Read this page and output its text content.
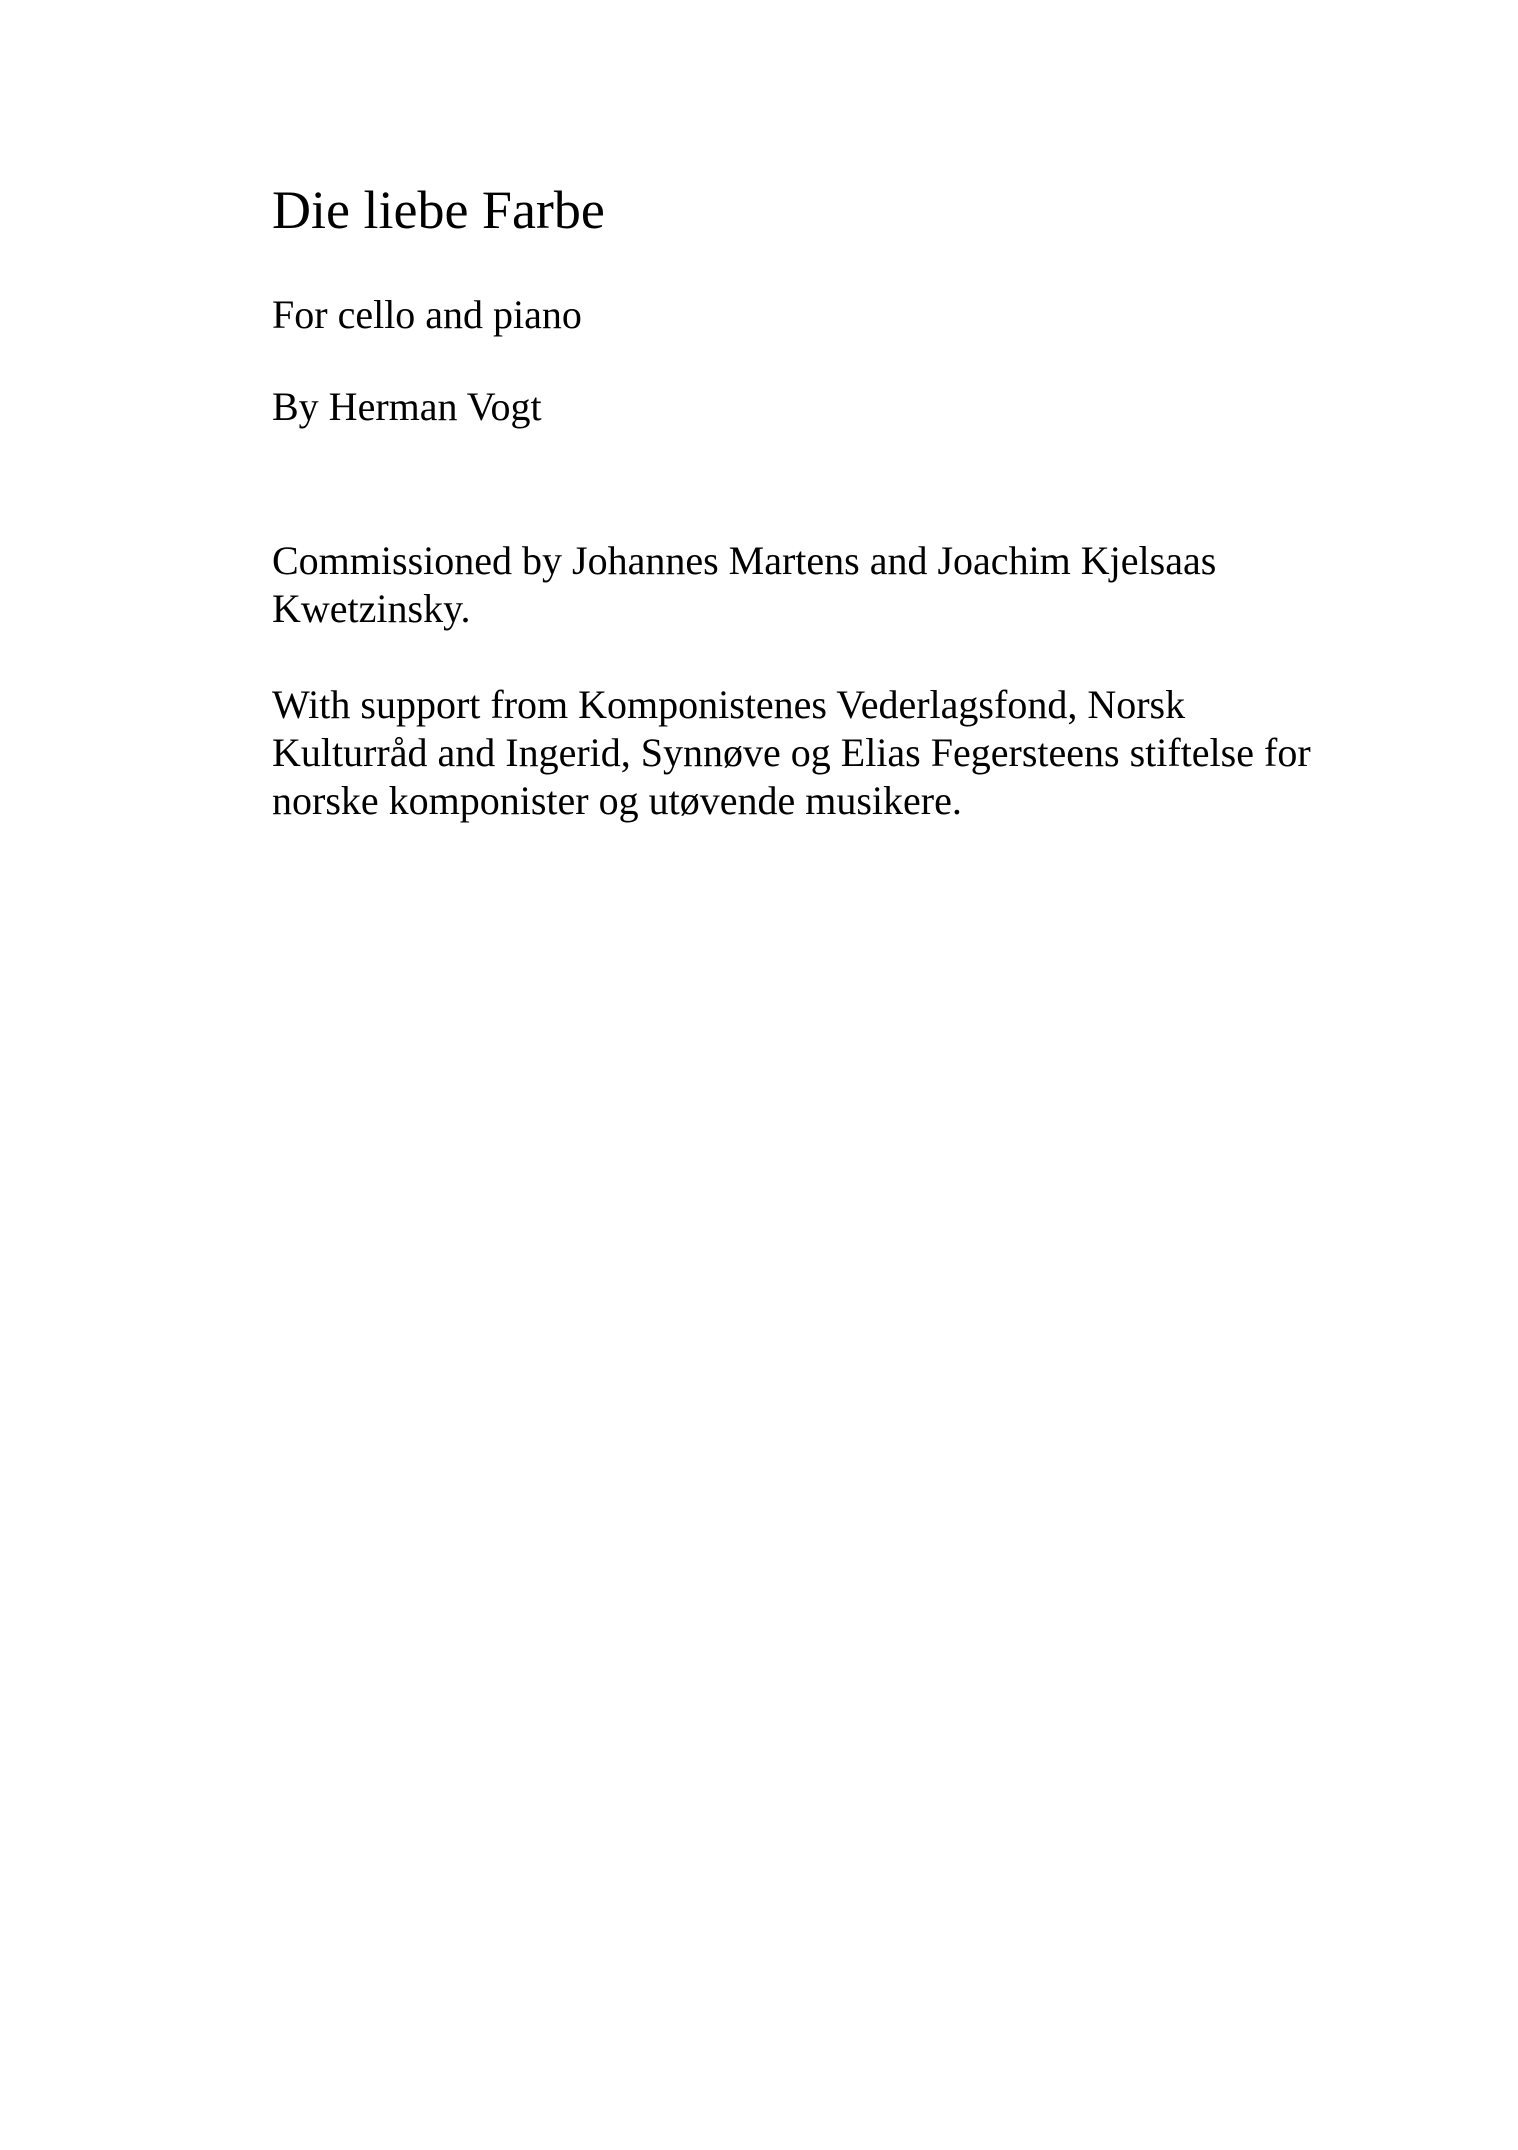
Die liebe Farbe

For cello and piano

By Herman Vogt

Commissioned by Johannes Martens and Joachim Kjelsaas
Kwetzinsky.

With support from Komponistenes Vederlagsfond, Norsk
Kulturråd and Ingerid, Synnøve og Elias Fegersteens stiftelse for
norske komponister og utøvende musikere.
